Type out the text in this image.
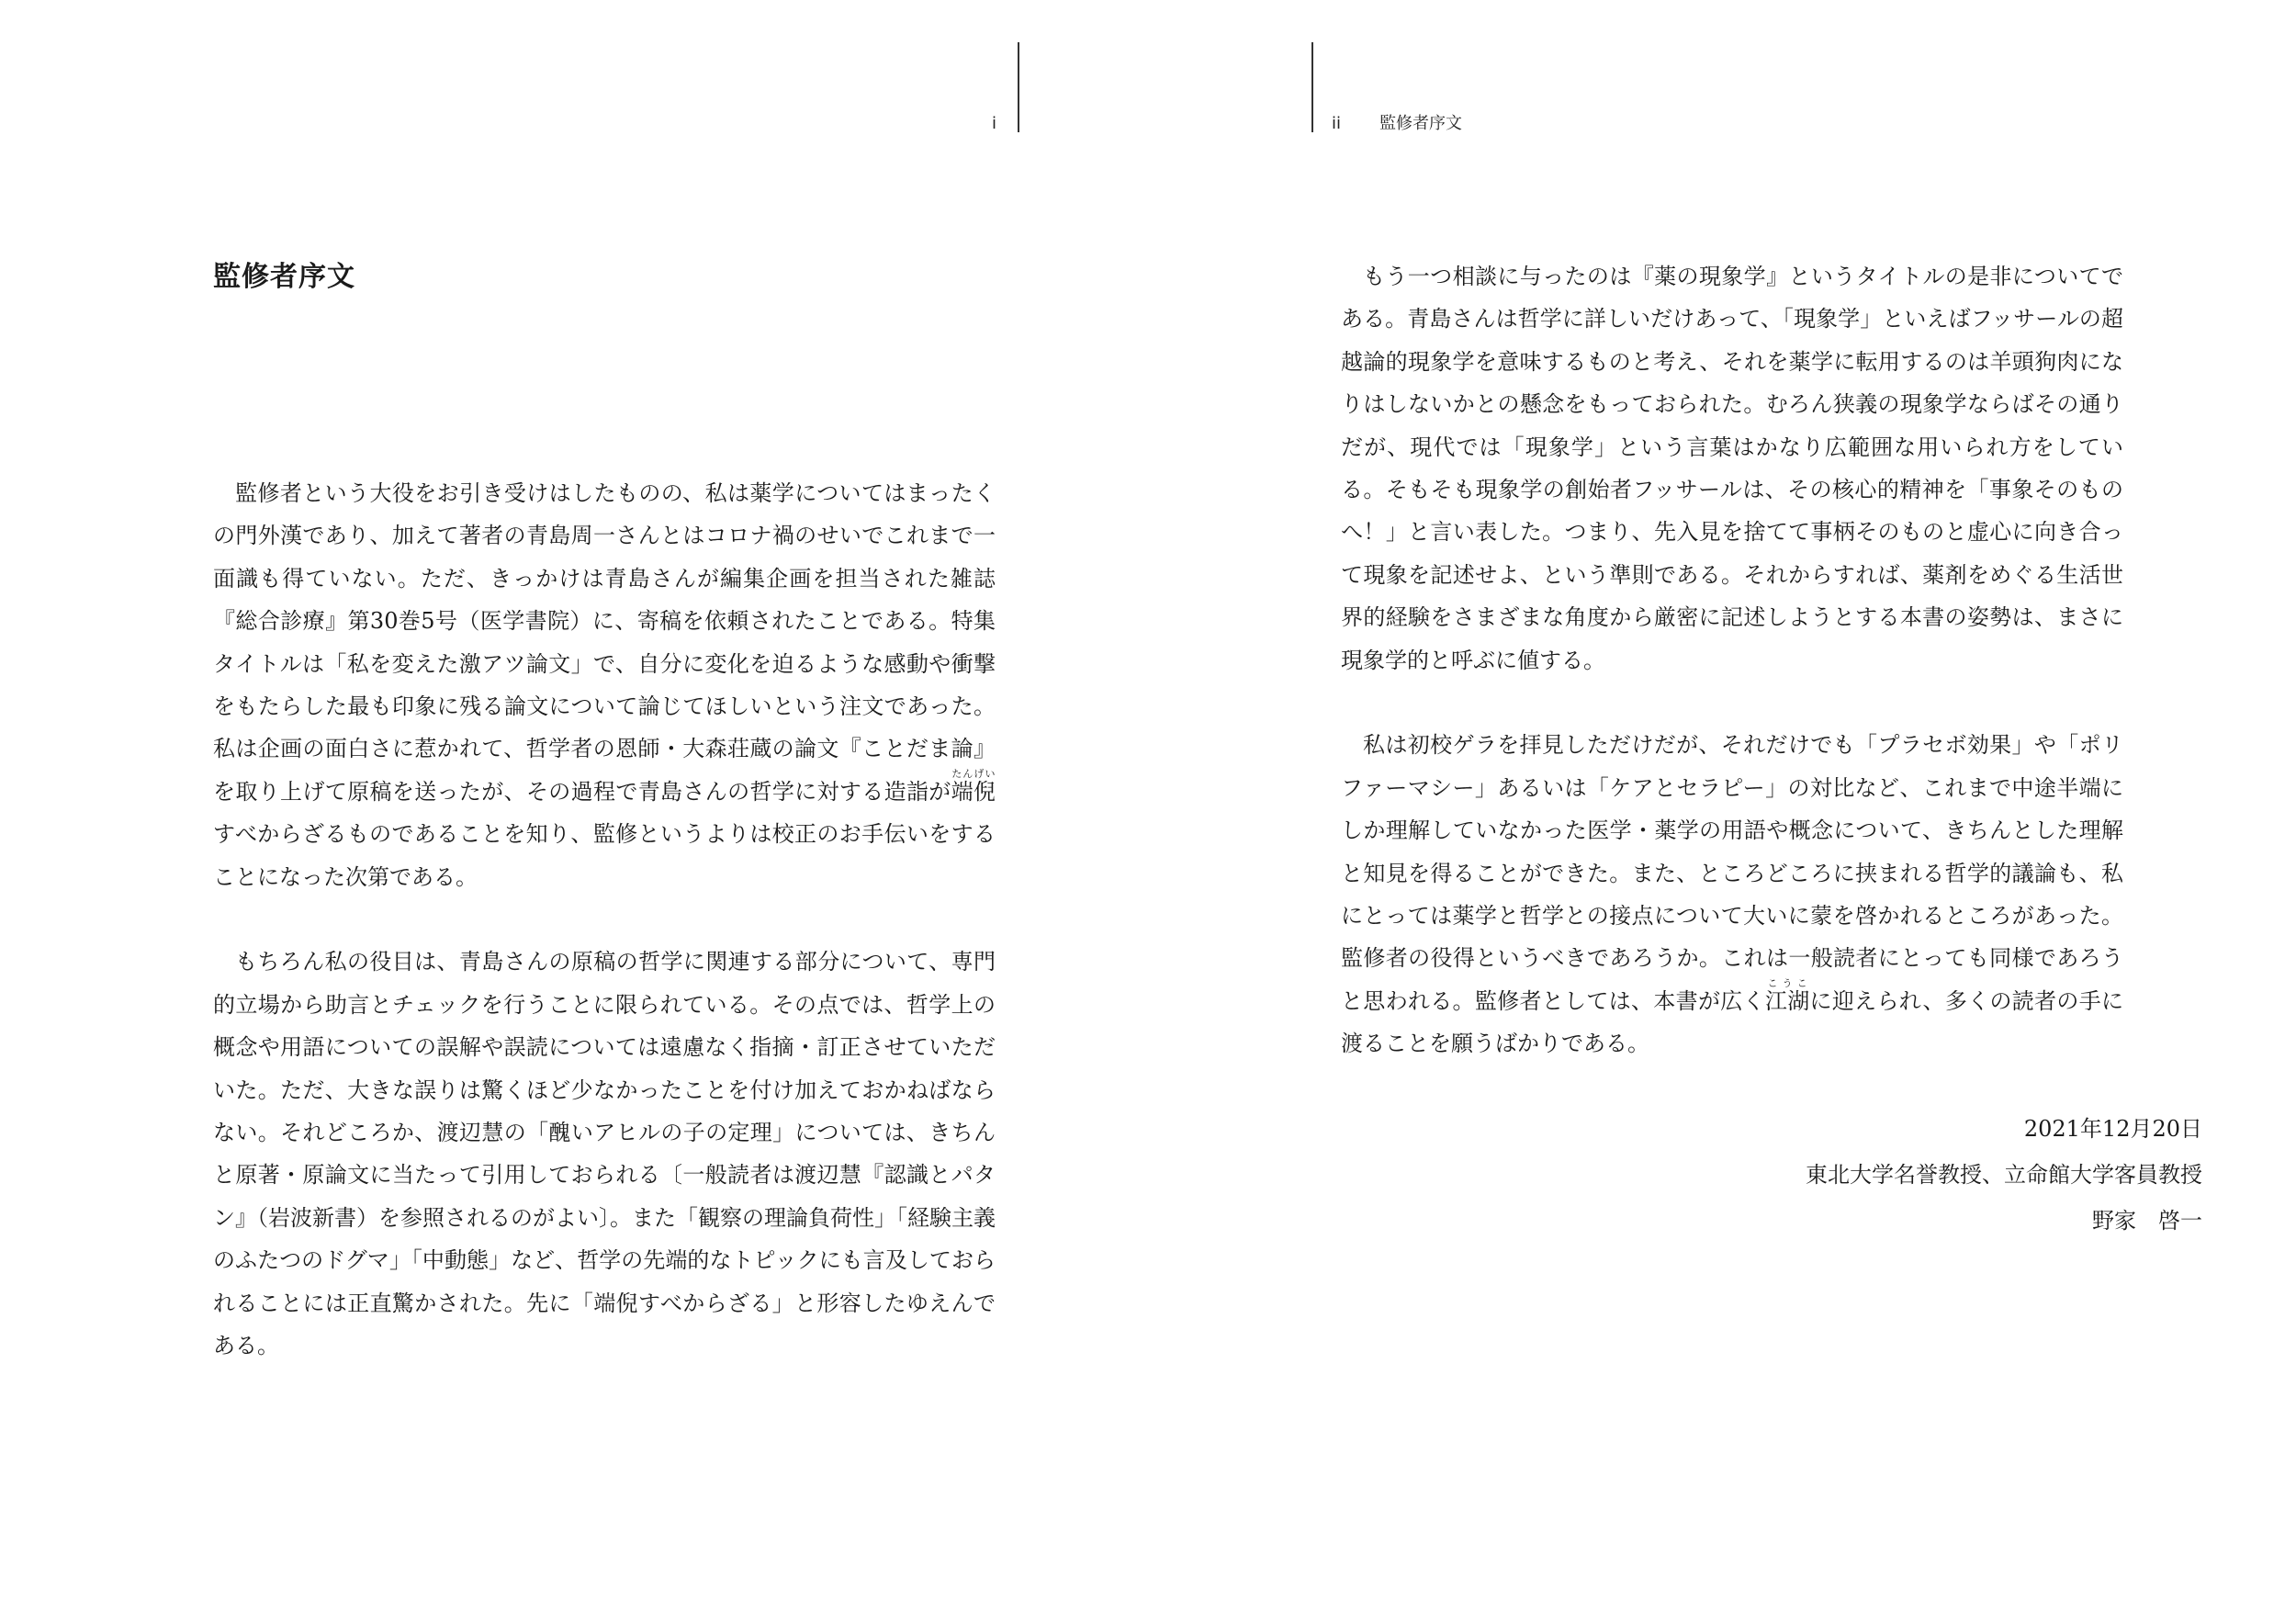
i
監修者序文

監修者という大役をお引き受けはしたものの、私は薬学についてはまったくの門外漢であり、加えて著者の青島周一さんとはコロナ禍のせいでこれまで一面識も得ていない。ただ、きっかけは青島さんが編集企画を担当された雑誌『総合診療』第30巻5号（医学書院）に、寄稿を依頼されたことである。特集タイトルは「私を変えた激アツ論文」で、自分に変化を迫るような感動や衝撃をもたらした最も印象に残る論文について論じてほしいという注文であった。私は企画の面白さに惹かれて、哲学者の恩師・大森荘蔵の論文『ことだま論』を取り上げて原稿を送ったが、その過程で青島さんの哲学に対する造詣が端倪たんげいすべからざるものであることを知り、監修というよりは校正のお手伝いをすることになった次第である。

もちろん私の役目は、青島さんの原稿の哲学に関連する部分について、専門的立場から助言とチェックを行うことに限られている。その点では、哲学上の概念や用語についての誤解や誤読については遠慮なく指摘・訂正させていただいた。ただ、大きな誤りは驚くほど少なかったことを付け加えておかねばならない。それどころか、渡辺慧の「醜いアヒルの子の定理」については、きちんと原著・原論文に当たって引用しておられる〔一般読者は渡辺慧『認識とパタン』（岩波新書）を参照されるのがよい〕。また「観察の理論負荷性」「経験主義のふたつのドグマ」「中動態」など、哲学の先端的なトピックにも言及しておられることには正直驚かされた。先に「端倪すべからざる」と形容したゆえんである。

ii 監修者序文

もう一つ相談に与ったのは『薬の現象学』というタイトルの是非についてである。青島さんは哲学に詳しいだけあって、「現象学」といえばフッサールの超越論的現象学を意味するものと考え、それを薬学に転用するのは羊頭狗肉になりはしないかとの懸念をもっておられた。むろん狭義の現象学ならばその通りだが、現代では「現象学」という言葉はかなり広範囲な用いられ方をしている。そもそも現象学の創始者フッサールは、その核心的精神を「事象そのものへ！」と言い表した。つまり、先入見を捨てて事柄そのものと虚心に向き合って現象を記述せよ、という準則である。それからすれば、薬剤をめぐる生活世界的経験をさまざまな角度から厳密に記述しようとする本書の姿勢は、まさに現象学的と呼ぶに値する。

私は初校ゲラを拝見しただけだが、それだけでも「プラセボ効果」や「ポリファーマシー」あるいは「ケアとセラピー」の対比など、これまで中途半端にしか理解していなかった医学・薬学の用語や概念について、きちんとした理解と知見を得ることができた。また、ところどころに挟まれる哲学的議論も、私にとっては薬学と哲学との接点について大いに蒙を啓かれるところがあった。監修者の役得というべきであろうか。これは一般読者にとっても同様であろうと思われる。監修者としては、本書が広く江湖こうこに迎えられ、多くの読者の手に渡ることを願うばかりである。

2021年12月20日
東北大学名誉教授、立命館大学客員教授
野家　啓一
